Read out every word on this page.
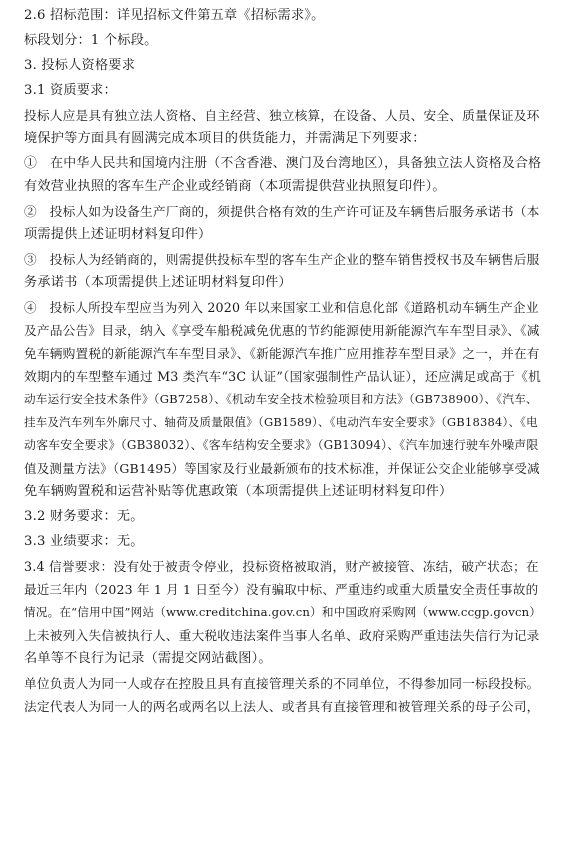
2.6 招标范围：详见招标文件第五章《招标需求》。

标段划分：1 个标段。

3. 投标人资格要求

3.1 资质要求：

投标人应是具有独立法人资格、自主经营、独立核算，在设备、人员、安全、质量保证及环

境保护等方面具有圆满完成本项目的供货能力，并需满足下列要求：

①　在中华人民共和国境内注册（不含香港、澳门及台湾地区），具备独立法人资格及合格

有效营业执照的客车生产企业或经销商（本项需提供营业执照复印件）。

②　投标人如为设备生产厂商的，须提供合格有效的生产许可证及车辆售后服务承诺书（本

项需提供上述证明材料复印件）

③　投标人为经销商的，则需提供投标车型的客车生产企业的整车销售授权书及车辆售后服

务承诺书（本项需提供上述证明材料复印件）

④　投标人所投车型应当为列入 2020 年以来国家工业和信息化部《道路机动车辆生产企业

及产品公告》目录，纳入《享受车船税减免优惠的节约能源使用新能源汽车车型目录》、《减

免车辆购置税的新能源汽车车型目录》、《新能源汽车推广应用推荐车型目录》之一，并在有

效期内的车型整车通过 M3 类汽车“3C 认证”（国家强制性产品认证），还应满足或高于《机

动车运行安全技术条件》（GB7258）、《机动车安全技术检验项目和方法》（GB738900）、《汽车、

挂车及汽车列车外廓尺寸、轴荷及质量限值》（GB1589）、《电动汽车安全要求》（GB18384）、《电

动客车安全要求》（GB38032）、《客车结构安全要求》（GB13094）、《汽车加速行驶车外噪声限

值及测量方法》（GB1495）等国家及行业最新颁布的技术标准，并保证公交企业能够享受减

免车辆购置税和运营补贴等优惠政策（本项需提供上述证明材料复印件）

3.2 财务要求：无。

3.3 业绩要求：无。

3.4 信誉要求：没有处于被责令停业，投标资格被取消，财产被接管、冻结，破产状态；在

最近三年内（2023 年 1 月 1 日至今）没有骗取中标、严重违约或重大质量安全责任事故的

情况。在“信用中国”网站（www.creditchina.gov.cn）和中国政府采购网（www.ccgp.govcn）

上未被列入失信被执行人、重大税收违法案件当事人名单、政府采购严重违法失信行为记录

名单等不良行为记录（需提交网站截图）。

单位负责人为同一人或存在控股且具有直接管理关系的不同单位，不得参加同一标段投标。

法定代表人为同一人的两名或两名以上法人、或者具有直接管理和被管理关系的母子公司，
